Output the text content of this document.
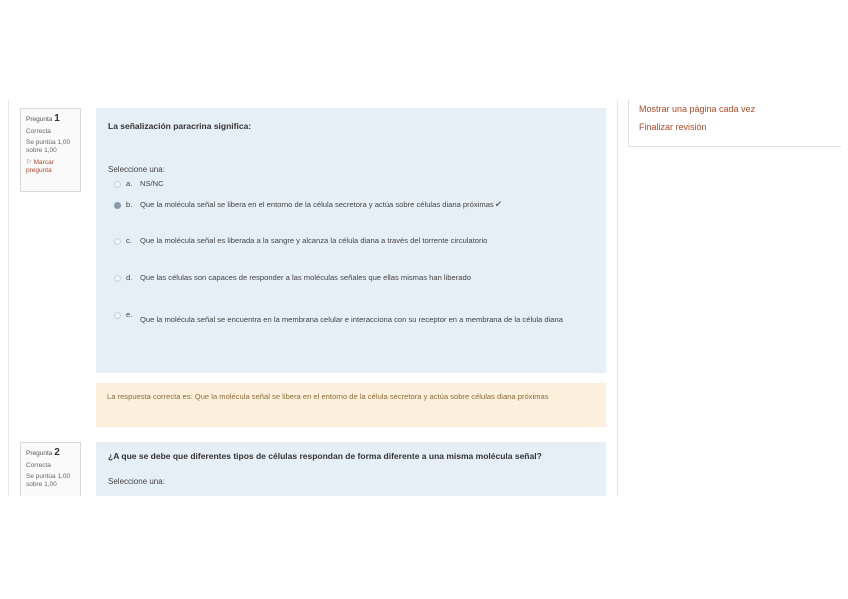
Mostrar una página cada vez
Finalizar revisión
Pregunta 1
Correcta
Se puntúa 1,00
sobre 1,00
⚐ Marcar pregunta
La señalización paracrina significa:
Seleccione una:
a. NS/NC
b. Que la molécula señal se libera en el entorno de la célula secretora y actúa sobre células diana próximas✔
c. Que la molécula señal es liberada a la sangre y alcanza la célula diana a través del torrente circulatorio
d. Que las células son capaces de responder a las moléculas señales que ellas mismas han liberado
e.
Que la molécula señal se encuentra en la membrana celular e interacciona con su receptor en a membrana de la célula diana
La respuesta correcta es: Que la molécula señal se libera en el entorno de la célula secretora y actúa sobre células diana próximas
Pregunta 2
Correcta
Se puntúa 1,00
sobre 1,00
¿A que se debe que diferentes tipos de células respondan de forma diferente a una misma molécula señal?
Seleccione una:
